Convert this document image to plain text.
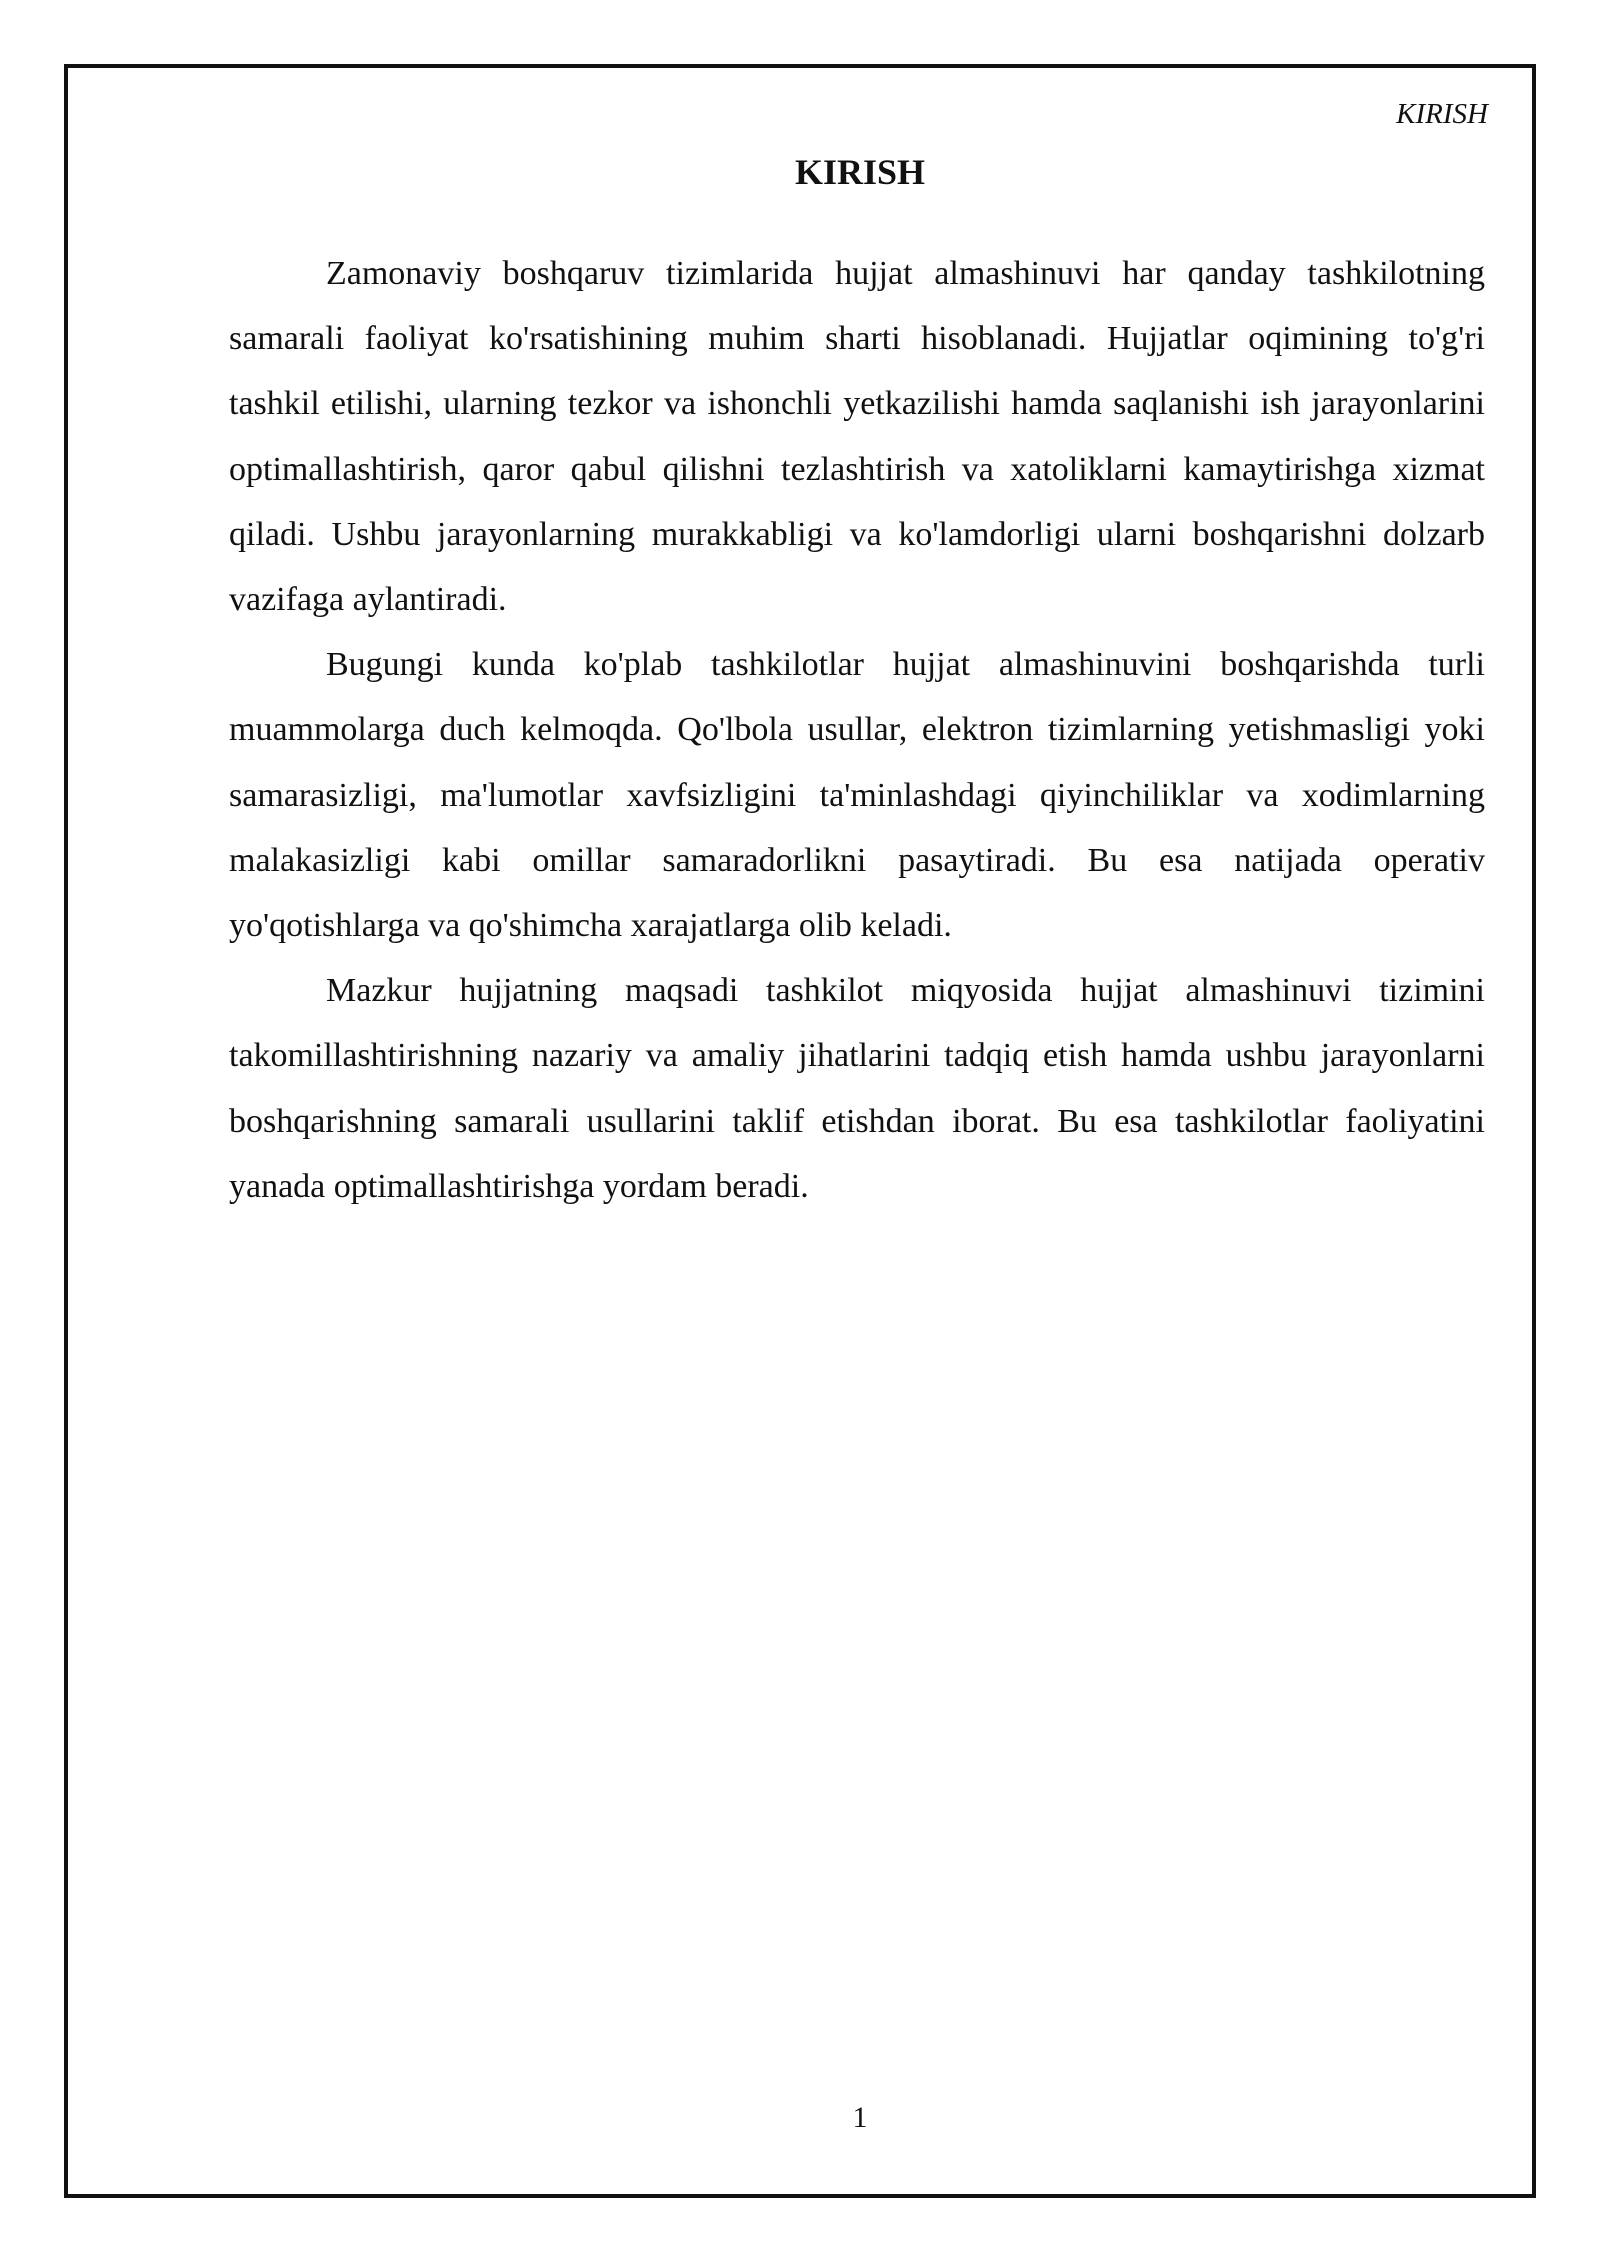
KIRISH
KIRISH

Zamonaviy boshqaruv tizimlarida hujjat almashinuvi har qanday tashkilotning samarali faoliyat ko'rsatishining muhim sharti hisoblanadi. Hujjatlar oqimining to'g'ri tashkil etilishi, ularning tezkor va ishonchli yetkazilishi hamda saqlanishi ish jarayonlarini optimallashtirish, qaror qabul qilishni tezlashtirish va xatoliklarni kamaytirishga xizmat qiladi. Ushbu jarayonlarning murakkabligi va ko'lamdorligi ularni boshqarishni dolzarb vazifaga aylantiradi.

Bugungi kunda ko'plab tashkilotlar hujjat almashinuvini boshqarishda turli muammolarga duch kelmoqda. Qo'lbola usullar, elektron tizimlarning yetishmasligi yoki samarasizligi, ma'lumotlar xavfsizligini ta'minlashdagi qiyinchiliklar va xodimlarning malakasizligi kabi omillar samaradorlikni pasaytiradi. Bu esa natijada operativ yo'qotishlarga va qo'shimcha xarajatlarga olib keladi.

Mazkur hujjatning maqsadi tashkilot miqyosida hujjat almashinuvi tizimini takomillashtirishning nazariy va amaliy jihatlarini tadqiq etish hamda ushbu jarayonlarni boshqarishning samarali usullarini taklif etishdan iborat. Bu esa tashkilotlar faoliyatini yanada optimallashtirishga yordam beradi.

1
